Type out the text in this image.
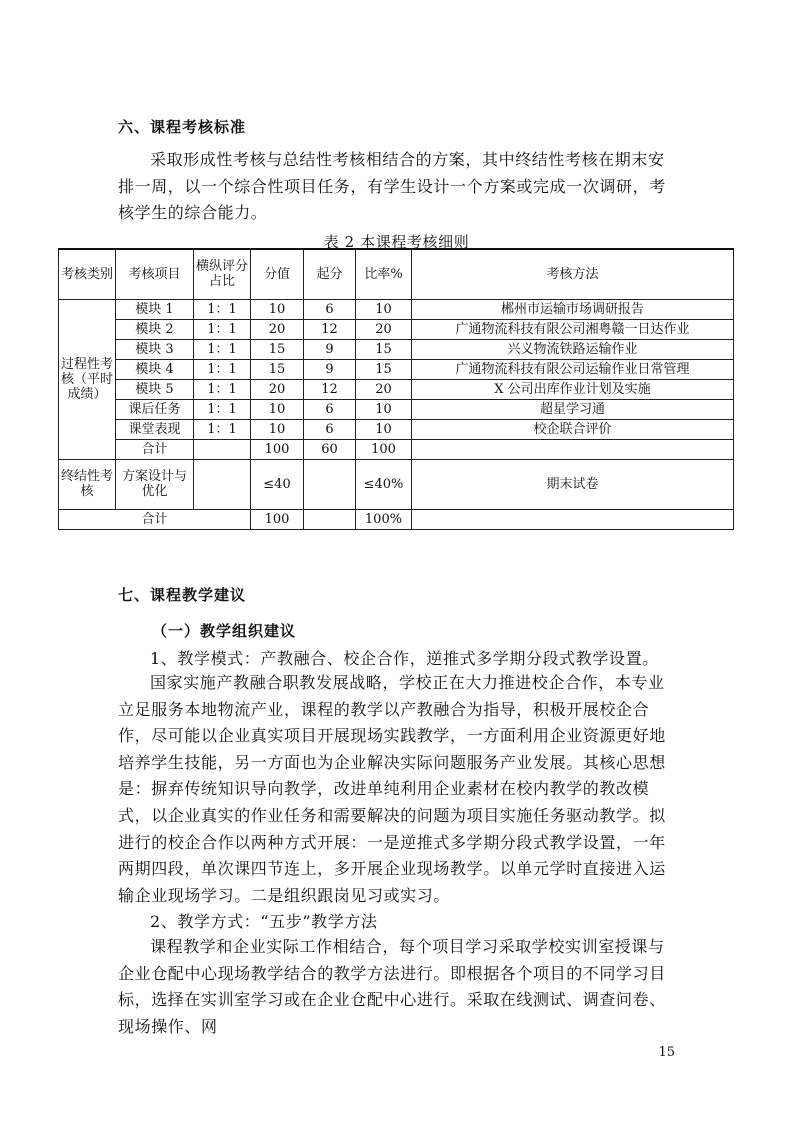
六、课程考核标准

采取形成性考核与总结性考核相结合的方案，其中终结性考核在期末安排一周，以一个综合性项目任务，有学生设计一个方案或完成一次调研，考核学生的综合能力。

表 2 本课程考核细则
考核类别	考核项目	横纵评分占比	分值	起分	比率%	考核方法
过程性考核（平时成绩）	模块 1	1：1	10	6	10	郴州市运输市场调研报告
	模块 2	1：1	20	12	20	广通物流科技有限公司湘粤赣一日达作业
	模块 3	1：1	15	9	15	兴义物流铁路运输作业
	模块 4	1：1	15	9	15	广通物流科技有限公司运输作业日常管理
	模块 5	1：1	20	12	20	X 公司出库作业计划及实施
	课后任务	1：1	10	6	10	超星学习通
	课堂表现	1：1	10	6	10	校企联合评价
	合计		100	60	100	
终结性考核	方案设计与优化		≤40		≤40%	期末试卷
合计			100		100%	
七、课程教学建议
（一）教学组织建议
1、教学模式：产教融合、校企合作，逆推式多学期分段式教学设置。

国家实施产教融合职教发展战略，学校正在大力推进校企合作，本专业立足服务本地物流产业，课程的教学以产教融合为指导，积极开展校企合作，尽可能以企业真实项目开展现场实践教学，一方面利用企业资源更好地培养学生技能，另一方面也为企业解决实际问题服务产业发展。其核心思想是：摒弃传统知识导向教学，改进单纯利用企业素材在校内教学的教改模式，以企业真实的作业任务和需要解决的问题为项目实施任务驱动教学。拟进行的校企合作以两种方式开展：一是逆推式多学期分段式教学设置，一年两期四段，单次课四节连上，多开展企业现场教学。以单元学时直接进入运输企业现场学习。二是组织跟岗见习或实习。

2、教学方式：“五步”教学方法

课程教学和企业实际工作相结合，每个项目学习采取学校实训室授课与企业仓配中心现场教学结合的教学方法进行。即根据各个项目的不同学习目标，选择在实训室学习或在企业仓配中心进行。采取在线测试、调查问卷、现场操作、网

15
